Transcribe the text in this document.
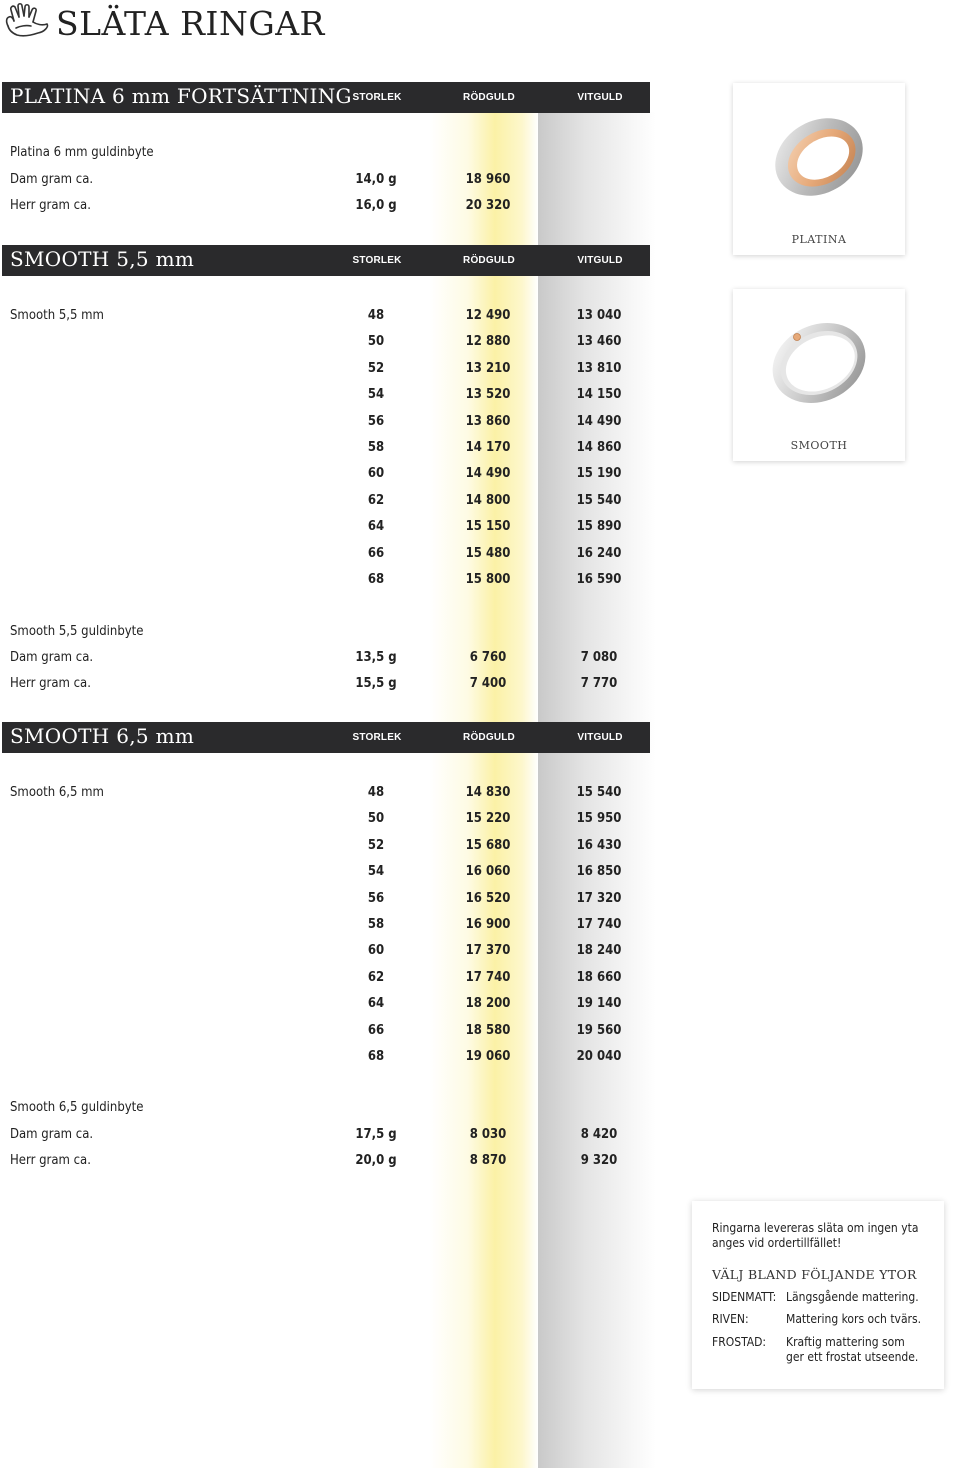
SLÄTA RINGAR
PLATINA 6 mm FORTSÄTTNING STORLEK	RÖDGULD	VITGULD
Platina 6 mm guldinbyte
Dam gram ca.	14,0 g	18 960
Herr gram ca.	16,0 g	20 320
SMOOTH 5,5 mm	STORLEK	RÖDGULD	VITGULD
Smooth 5,5 mm
Smooth 5,5 guldinbyte
SMOOTH 6,5 mm	STORLEK	RÖDGULD	VITGULD
Smooth 6,5 mm
Smooth 6,5 guldinbyte
PLATINA
SMOOTH
Ringarna levereras släta om ingen yta anges vid ordertillfället!
VÄLJ BLAND FÖLJANDE YTOR
SIDENMATT: Längsgående mattering.
RIVEN:	Mattering kors och tvärs.
FROSTAD: Kraftig mattering som ger ett frostat utseende.
48	12 490	13 040
50	12 880	13 460
52	13 210	13 810
54	13 520	14 150
56	13 860	14 490
58	14 170	14 860
60	14 490	15 190
62	14 800	15 540
64	15 150	15 890
66	15 480	16 240
68	15 800	16 590
48	14 830	15 540
50	15 220	15 950
52	15 680	16 430
54	16 060	16 850
56	16 520	17 320
58	16 900	17 740
60	17 370	18 240
62	17 740	18 660
64	18 200	19 140
66	18 580	19 560
68	19 060	20 040
Dam gram ca.	13,5 g	6 760	7 080
Herr gram ca.	15,5 g	7 400	7 770
Dam gram ca.	17,5 g	8 030	8 420
Herr gram ca.	20,0 g	8 870	9 320
